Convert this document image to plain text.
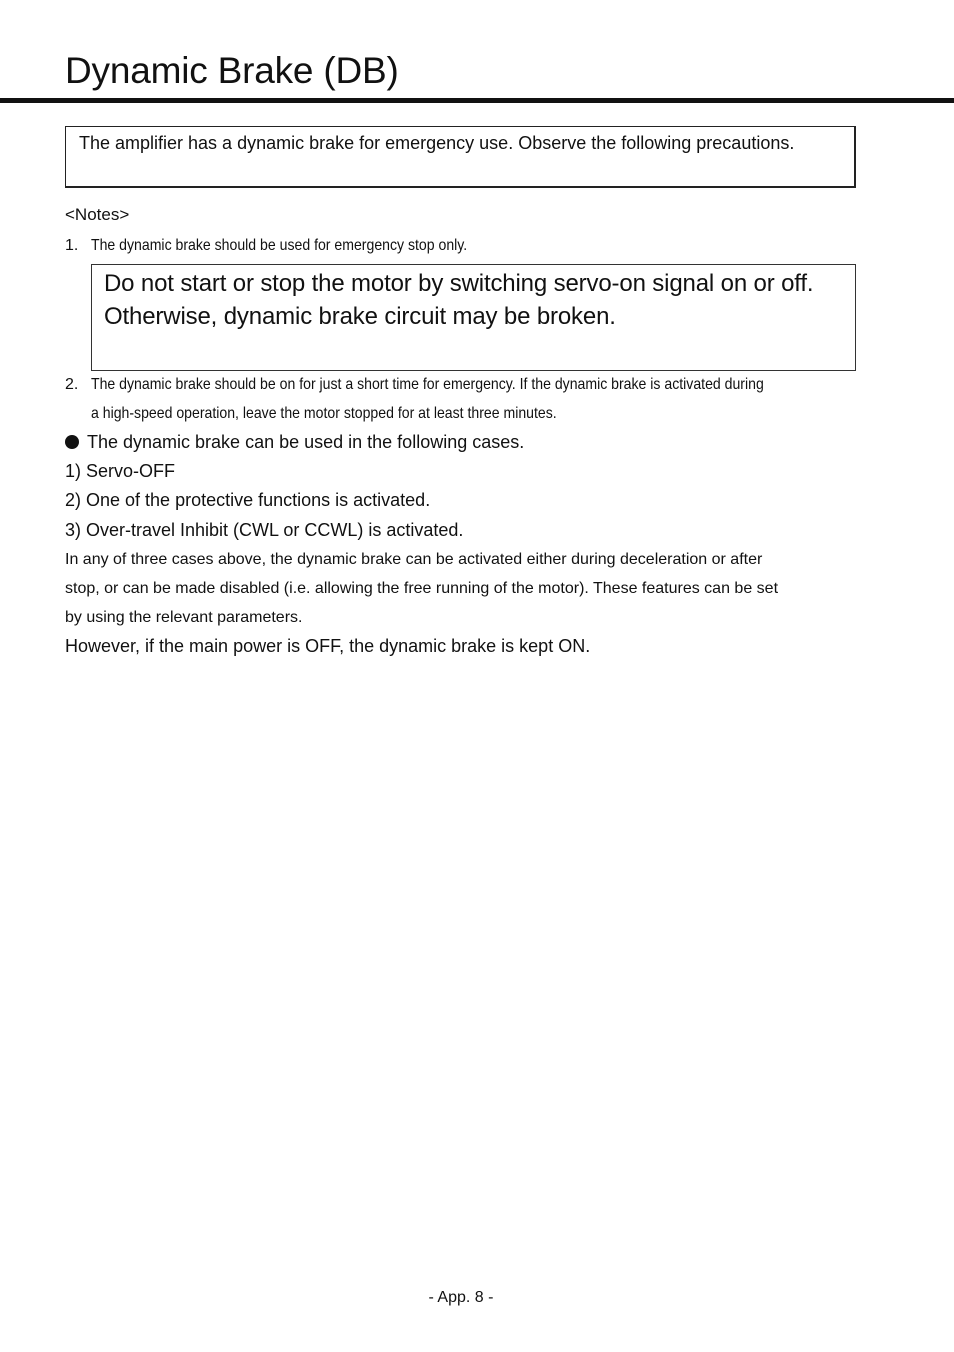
Dynamic Brake (DB)
The amplifier has a dynamic brake for emergency use. Observe the following precautions.
<Notes>
1. The dynamic brake should be used for emergency stop only.
Do not start or stop the motor by switching servo-on signal on or off.
Otherwise, dynamic brake circuit may be broken.
2. The dynamic brake should be on for just a short time for emergency. If the dynamic brake is activated during
a high-speed operation, leave the motor stopped for at least three minutes.
The dynamic brake can be used in the following cases.
1) Servo-OFF
2) One of the protective functions is activated.
3) Over-travel Inhibit (CWL or CCWL) is activated.
In any of three cases above, the dynamic brake can be activated either during deceleration or after
stop, or can be made disabled (i.e. allowing the free running of the motor). These features can be set
by using the relevant parameters.
However, if the main power is OFF, the dynamic brake is kept ON.
- App. 8 -
